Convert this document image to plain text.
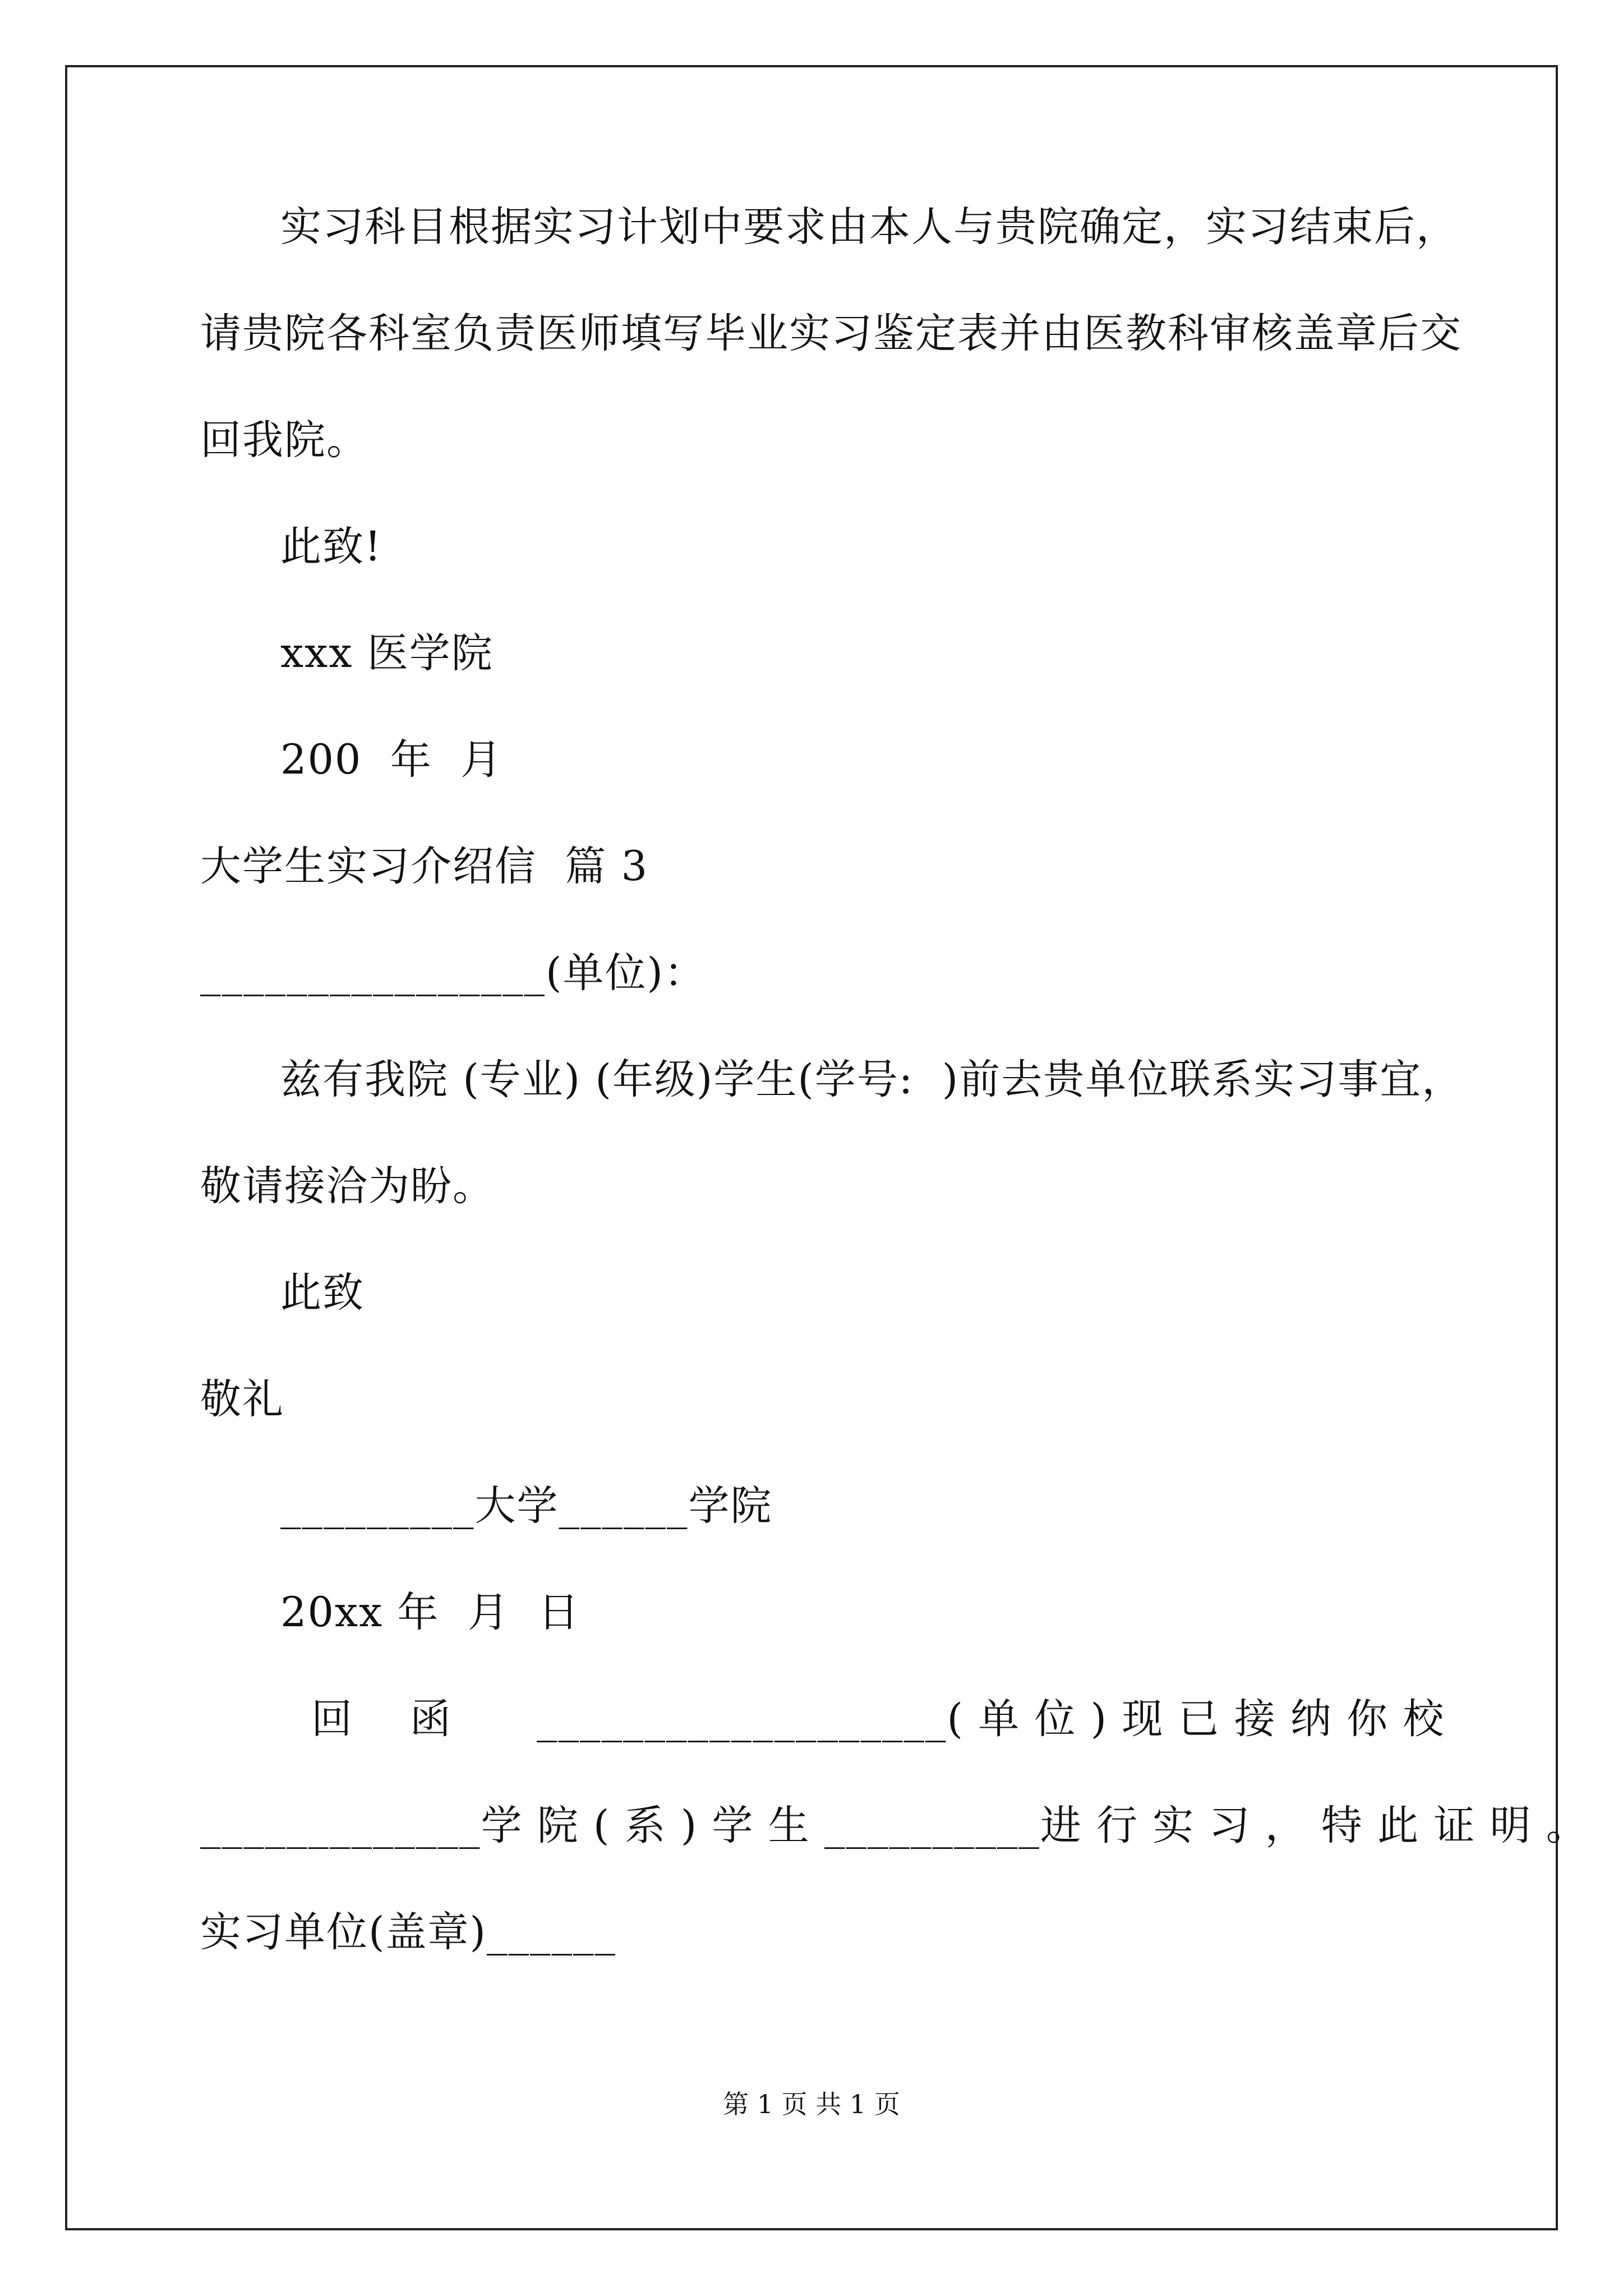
实习科目根据实习计划中要求由本人与贵院确定，实习结束后，
请贵院各科室负责医师填写毕业实习鉴定表并由医教科审核盖章后交
回我院。
此致!
xxx 医学院
200  年  月
大学生实习介绍信  篇 3
________________(单位)：
兹有我院 (专业) (年级)学生(学号:  )前去贵单位联系实习事宜，
敬请接洽为盼。
此致
敬礼
_________大学______学院
20xx 年  月  日
回    函      ___________________( 单 位 ) 现 已 接 纳 你 校
_____________学 院 ( 系 ) 学 生 __________进 行 实 习 ， 特 此 证 明 。
实习单位(盖章)______
第 1 页 共 1 页
